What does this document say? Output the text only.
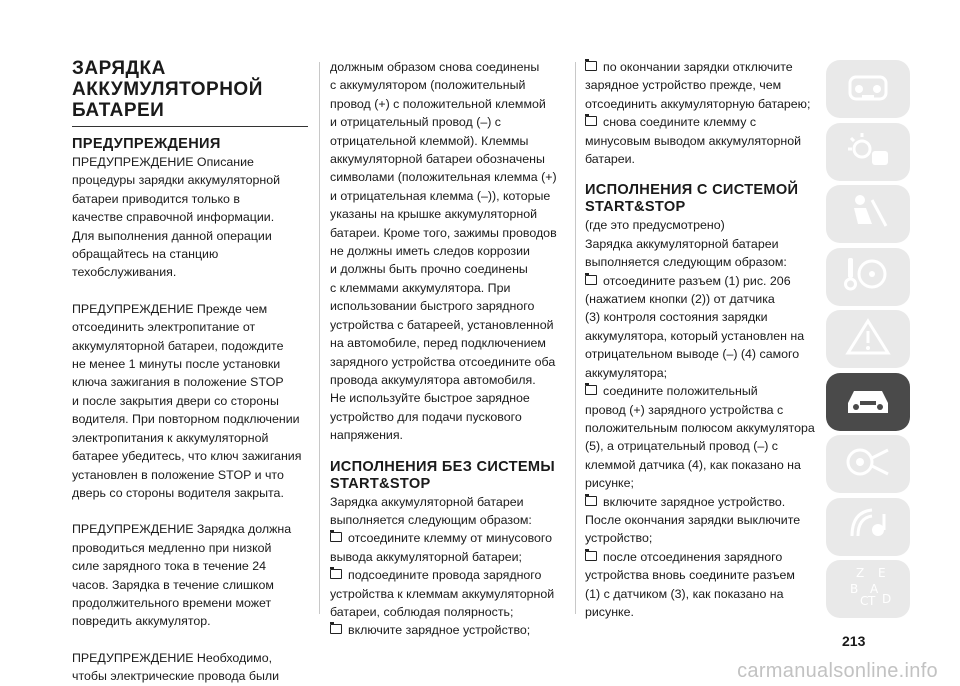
ЗАРЯДКА
АККУМУЛЯТОРНОЙ
БАТАРЕИ
ПРЕДУПРЕЖДЕНИЯ

ПРЕДУПРЕЖДЕНИЕ Описание
процедуры зарядки аккумуляторной
батареи приводится только в
качестве справочной информации.
Для выполнения данной операции
обращайтесь на станцию
техобслуживания.

ПРЕДУПРЕЖДЕНИЕ Прежде чем
отсоединить электропитание от
аккумуляторной батареи, подождите
не менее 1 минуты после установки
ключа зажигания в положение STOP
и после закрытия двери со стороны
водителя. При повторном подключении
электропитания к аккумуляторной
батарее убедитесь, что ключ зажигания
установлен в положение STOP и что
дверь со стороны водителя закрыта.

ПРЕДУПРЕЖДЕНИЕ Зарядка должна
проводиться медленно при низкой
силе зарядного тока в течение 24
часов. Зарядка в течение слишком
продолжительного времени может
повредить аккумулятор.

ПРЕДУПРЕЖДЕНИЕ Необходимо,
чтобы электрические провода были

должным образом снова соединены
с аккумулятором (положительный
провод (+) с положительной клеммой
и отрицательный провод (–) с
отрицательной клеммой). Клеммы
аккумуляторной батареи обозначены
символами (положительная клемма (+)
и отрицательная клемма (–)), которые
указаны на крышке аккумуляторной
батареи. Кроме того, зажимы проводов
не должны иметь следов коррозии
и должны быть прочно соединены
с клеммами аккумулятора. При
использовании быстрого зарядного
устройства с батареей, установленной
на автомобиле, перед подключением
зарядного устройства отсоедините оба
провода аккумулятора автомобиля.
Не используйте быстрое зарядное
устройство для подачи пускового
напряжения.

ИСПОЛНЕНИЯ БЕЗ СИСТЕМЫ
START&STOP

Зарядка аккумуляторной батареи
выполняется следующим образом:

отсоедините клемму от минусового
вывода аккумуляторной батареи;

подсоедините провода зарядного
устройства к клеммам аккумуляторной
батареи, соблюдая полярность;

включите зарядное устройство;

по окончании зарядки отключите
зарядное устройство прежде, чем
отсоединить аккумуляторную батарею;

снова соедините клемму с
минусовым выводом аккумуляторной
батареи.

ИСПОЛНЕНИЯ С СИСТЕМОЙ
START&STOP

(где это предусмотрено)

Зарядка аккумуляторной батареи
выполняется следующим образом:

отсоедините разъем (1) рис. 206
(нажатием кнопки (2)) от датчика
(3) контроля состояния зарядки
аккумулятора, который установлен на
отрицательном выводе (–) (4) самого
аккумулятора;

соедините положительный
провод (+) зарядного устройства с
положительным полюсом аккумулятора
(5), а отрицательный провод (–) с
клеммой датчика (4), как показано на
рисунке;

включите зарядное устройство.
После окончания зарядки выключите
устройство;

после отсоединения зарядного
устройства вновь соедините разъем
(1) с датчиком (3), как показано на
рисунке.

Z E
B A
C T D
213
carmanualsonline.info
